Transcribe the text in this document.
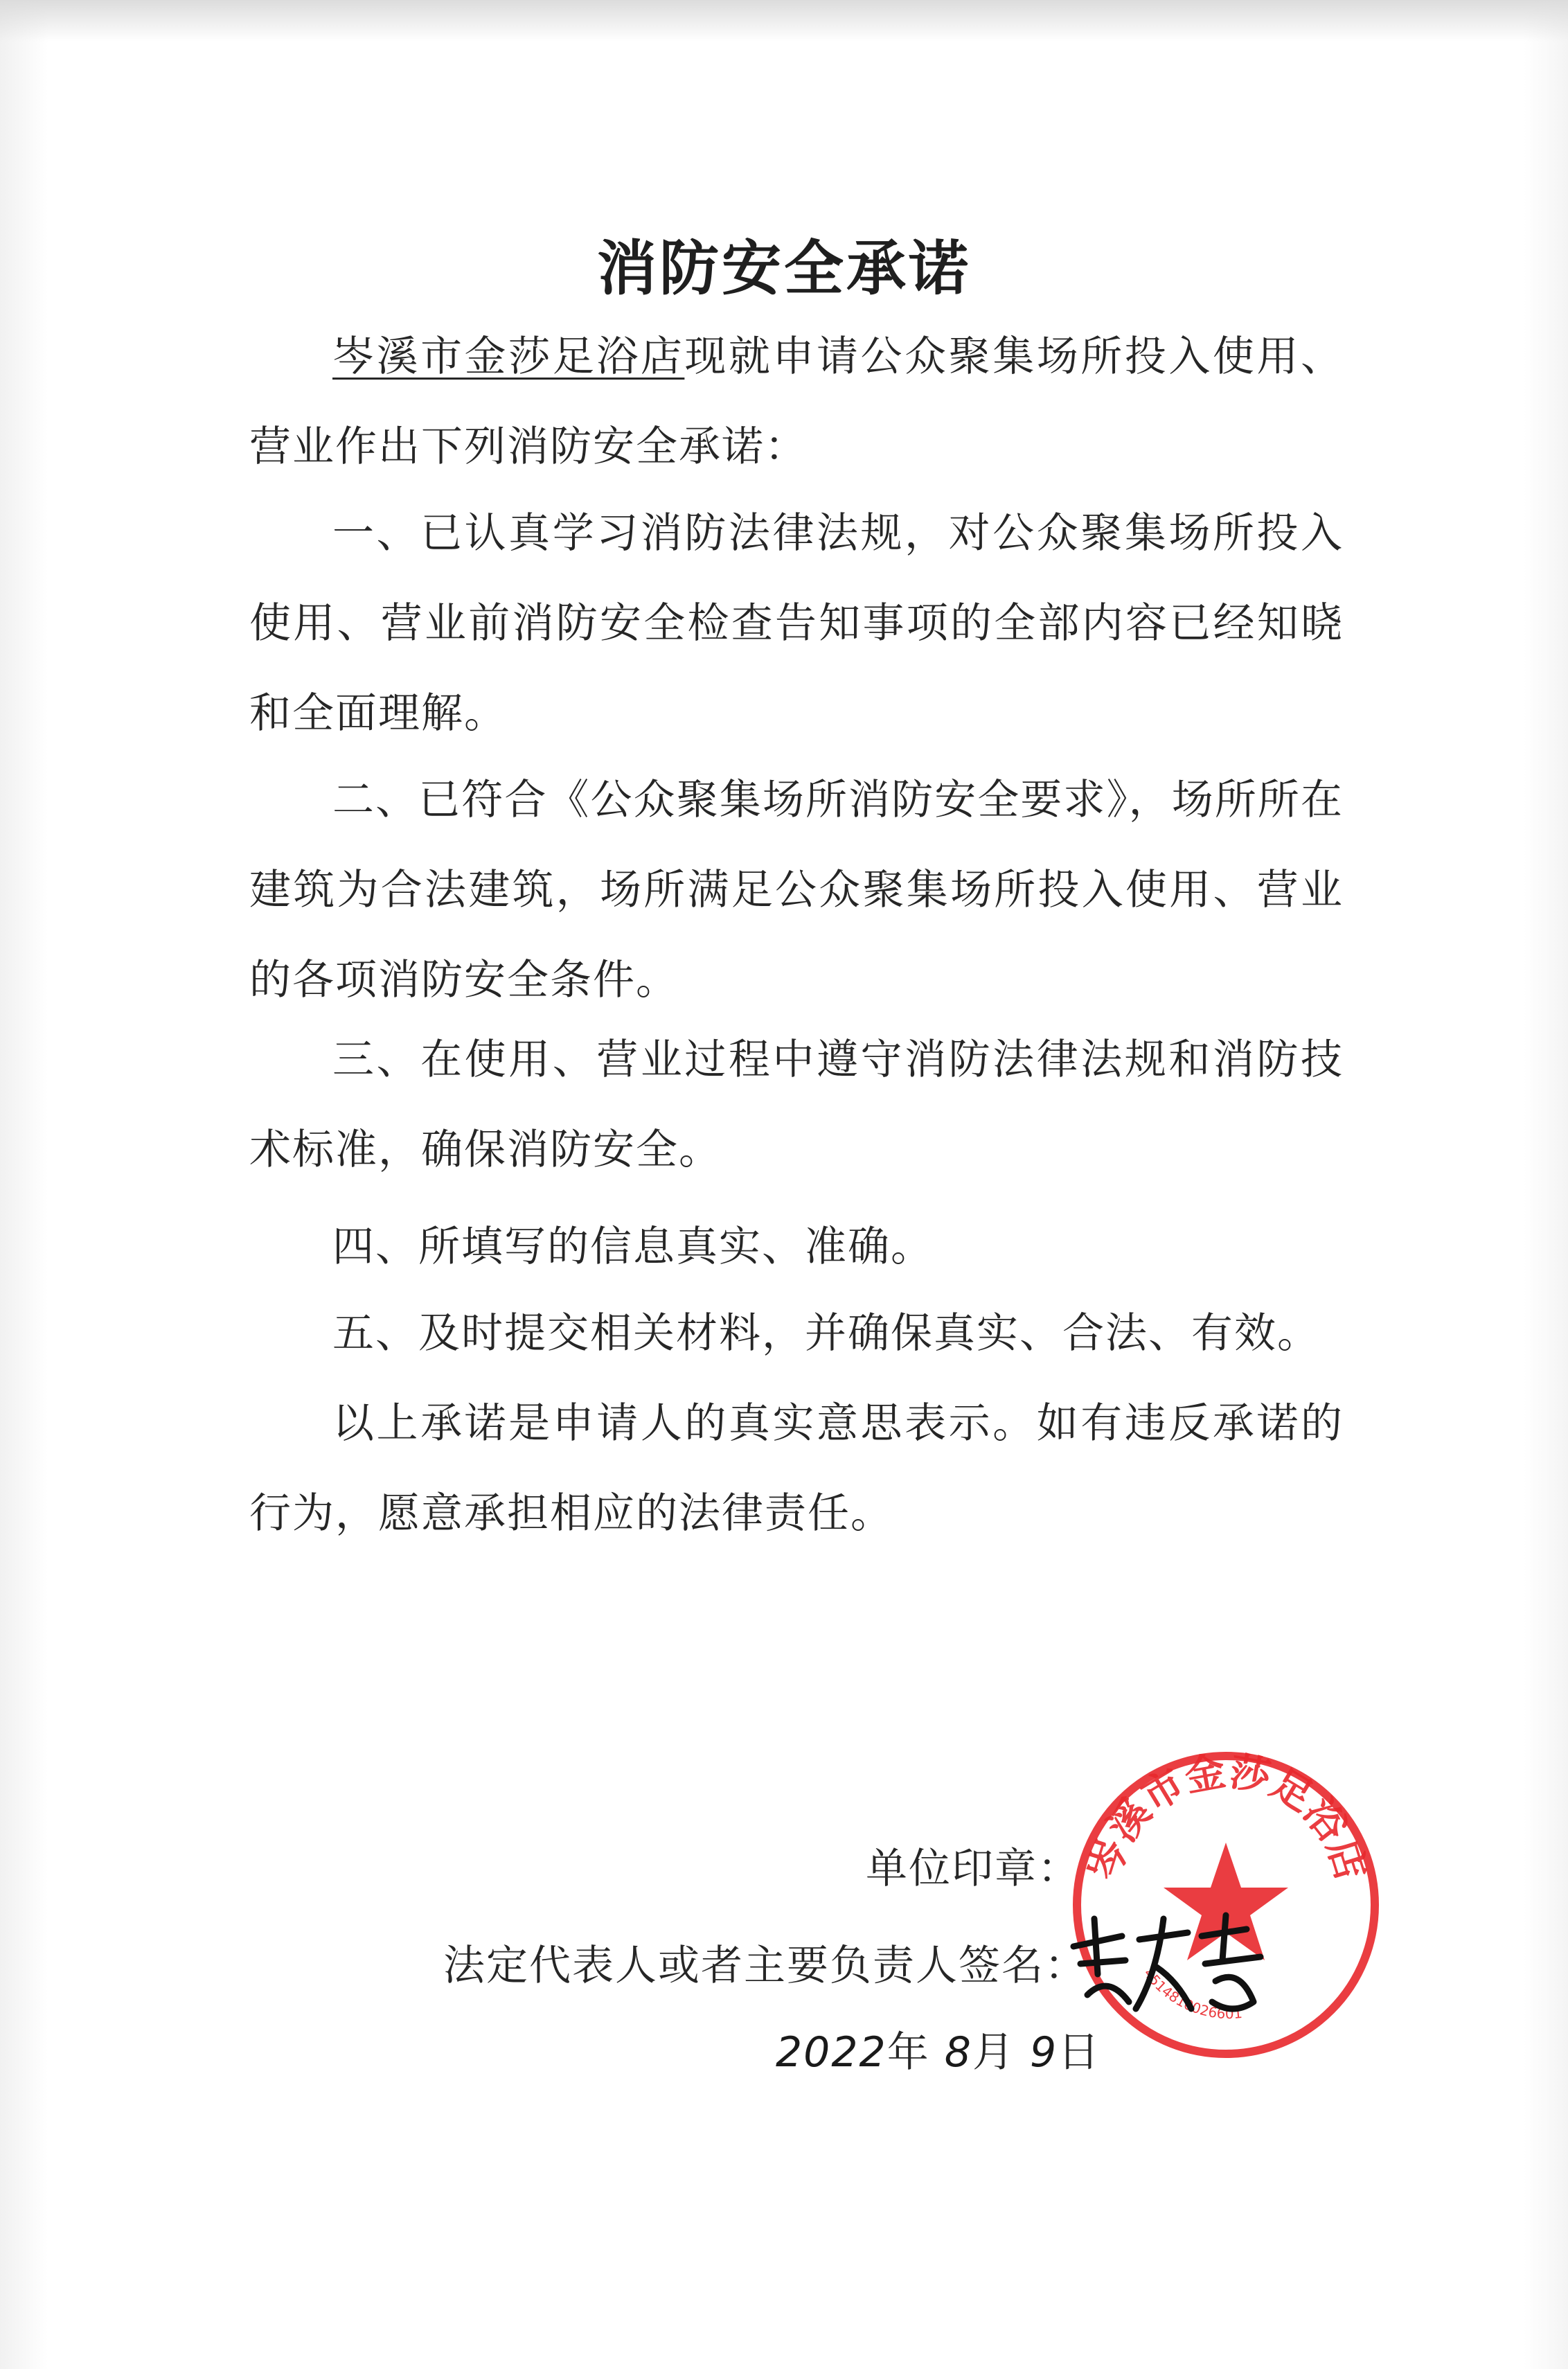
消防安全承诺

岑溪市金莎足浴店现就申请公众聚集场所投入使用、营业作出下列消防安全承诺：

一、已认真学习消防法律法规，对公众聚集场所投入使用、营业前消防安全检查告知事项的全部内容已经知晓和全面理解。

二、已符合《公众聚集场所消防安全要求》，场所所在建筑为合法建筑，场所满足公众聚集场所投入使用、营业的各项消防安全条件。

三、在使用、营业过程中遵守消防法律法规和消防技术标准，确保消防安全。

四、所填写的信息真实、准确。

五、及时提交相关材料，并确保真实、合法、有效。

以上承诺是申请人的真实意思表示。如有违反承诺的行为，愿意承担相应的法律责任。

单位印章：
法定代表人或者主要负责人签名：
2022年 8月 9日
岑溪市金莎足浴店
4514810026601
